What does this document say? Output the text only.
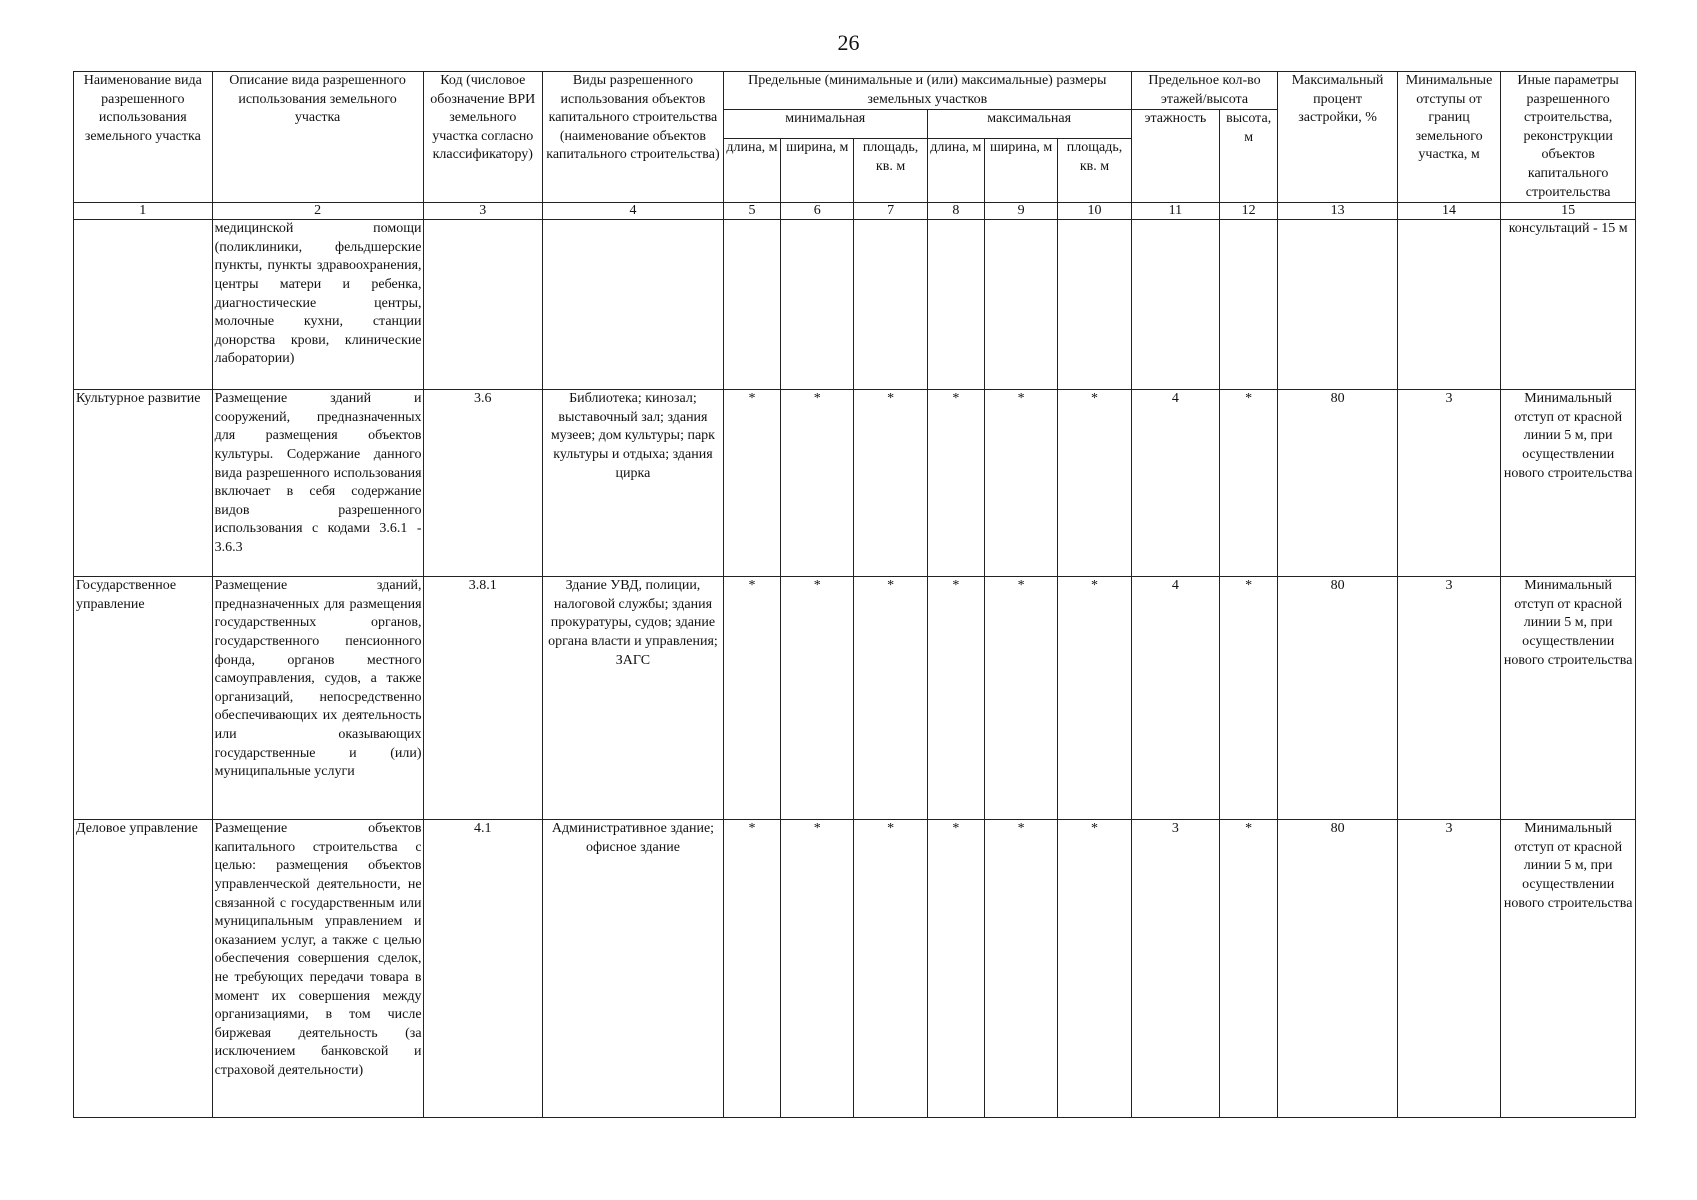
26
Наименование вида разрешенного использования земельного участка	Описание вида разрешенного использования земельного участка	Код (числовое обозначение ВРИ земельного участка согласно классификатору)	Виды разрешенного использования объектов капитального строительства (наименование объектов капитального строительства)	Предельные (минимальные и (или) максимальные) размеры земельных участков						Предельное кол-во этажей/высота		Максимальный процент застройки, %	Минимальные отступы от границ земельного участка, м	Иные параметры разрешенного строительства, реконструкции объектов капитального строительства
				минимальная			максимальная			этажность	высота, м			
				длина, м	ширина, м	площадь, кв. м	длина, м	ширина, м	площадь, кв. м					
1	2	3	4	5	6	7	8	9	10	11	12	13	14	15
	медицинской помощи (поликлиники, фельдшерские пункты, пункты здравоохранения, центры матери и ребенка, диагностические центры, молочные кухни, станции донорства крови, клинические лаборатории)													консультаций - 15 м
Культурное развитие	Размещение зданий и сооружений, предназначенных для размещения объектов культуры. Содержание данного вида разрешенного использования включает в себя содержание видов разрешенного использования с кодами 3.6.1 - 3.6.3	3.6	Библиотека; кинозал; выставочный зал; здания музеев; дом культуры; парк культуры и отдыха; здания цирка	*	*	*	*	*	*	4	*	80	3	Минимальный отступ от красной линии 5 м, при осуществлении нового строительства
Государственное управление	Размещение зданий, предназначенных для размещения государственных органов, государственного пенсионного фонда, органов местного самоуправления, судов, а также организаций, непосредственно обеспечивающих их деятельность или оказывающих государственные и (или) муниципальные услуги	3.8.1	Здание УВД, полиции, налоговой службы; здания прокуратуры, судов; здание органа власти и управления; ЗАГС	*	*	*	*	*	*	4	*	80	3	Минимальный отступ от красной линии 5 м, при осуществлении нового строительства
Деловое управление	Размещение объектов капитального строительства с целью: размещения объектов управленческой деятельности, не связанной с государственным или муниципальным управлением и оказанием услуг, а также с целью обеспечения совершения сделок, не требующих передачи товара в момент их совершения между организациями, в том числе биржевая деятельность (за исключением банковской и страховой деятельности)	4.1	Административное здание; офисное здание	*	*	*	*	*	*	3	*	80	3	Минимальный отступ от красной линии 5 м, при осуществлении нового строительства
